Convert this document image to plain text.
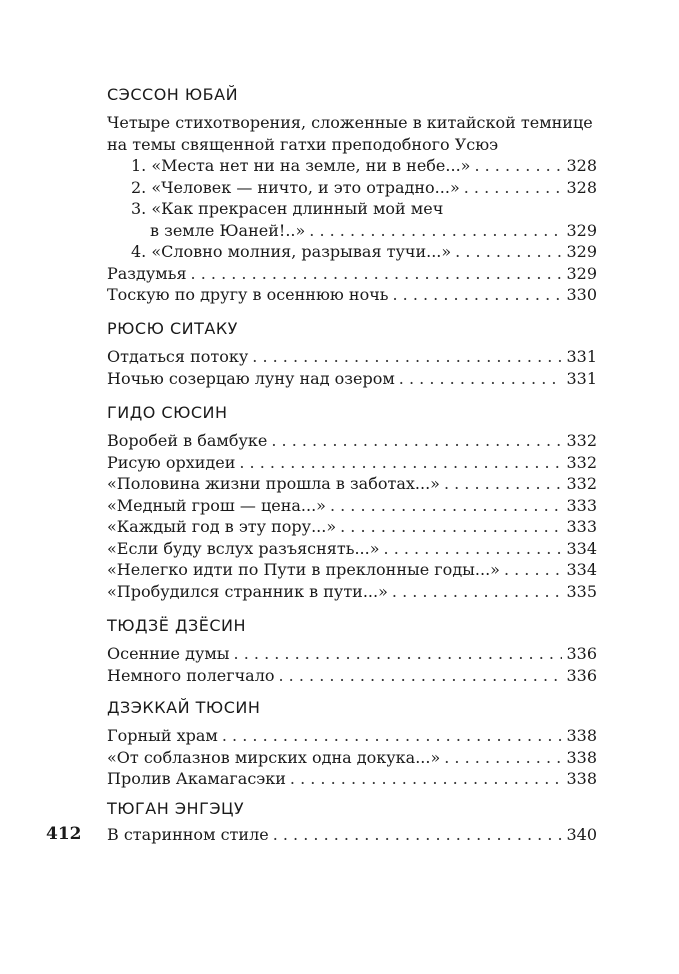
СЭССОН ЮБАЙ
Четыре стихотворения, сложенные в китайской темнице
на темы священной гатхи преподобного Усюэ
1. «Места нет ни на земле, ни в небе...» . . .	328
2. «Человек — ничто, и это отрадно...» . . .	328
3. «Как прекрасен длинный мой меч
в земле Юаней!..» . . .	329
4. «Словно молния, разрывая тучи...» . . .	329
Раздумья . . .	329
Тоскую по другу в осеннюю ночь . . .	330
РЮСЮ СИТАКУ
Отдаться потоку . . .	331
Ночью созерцаю луну над озером . . .	331
ГИДО СЮСИН
Воробей в бамбуке . . .	332
Рисую орхидеи . . .	332
«Половина жизни прошла в заботах...» . . .	332
«Медный грош — цена...» . . .	333
«Каждый год в эту пору...» . . .	333
«Если буду вслух разъяснять...» . . .	334
«Нелегко идти по Пути в преклонные годы...» . . .	334
«Пробудился странник в пути...» . . .	335
ТЮДЗЁ ДЗЁСИН
Осенние думы . . .	336
Немного полегчало . . .	336
ДЗЭККАЙ ТЮСИН
Горный храм . . .	338
«От соблазнов мирских одна докука...» . . .	338
Пролив Акамагасэки . . .	338
ТЮГАН ЭНГЭЦУ
В старинном стиле . . .	340
412
